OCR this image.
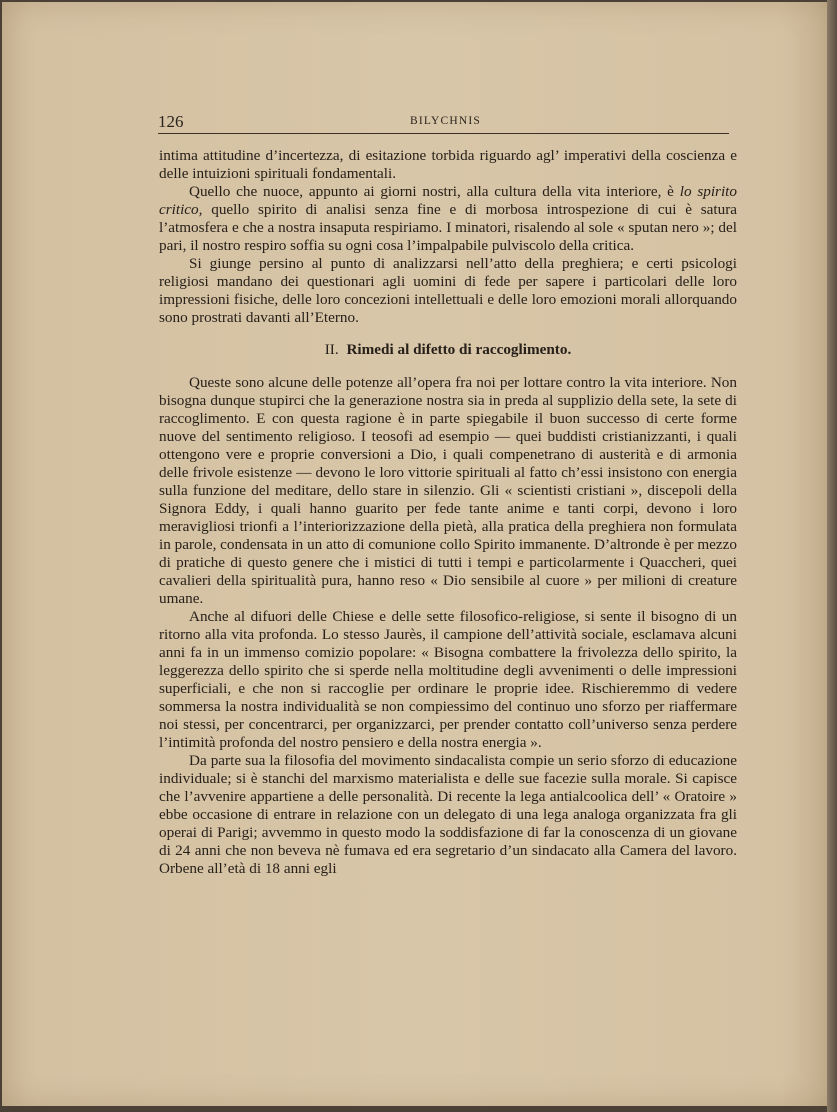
126	BILYCHNIS

intima attitudine d’incertezza, di esitazione torbida riguardo agl’ imperativi della coscienza e delle intuizioni spirituali fondamentali.

Quello che nuoce, appunto ai giorni nostri, alla cultura della vita interiore, è lo spirito critico, quello spirito di analisi senza fine e di morbosa introspezione di cui è satura l’atmosfera e che a nostra insaputa respiriamo. I minatori, risalendo al sole « sputan nero »; del pari, il nostro respiro soffia su ogni cosa l’impalpabile pulviscolo della critica.

Si giunge persino al punto di analizzarsi nell’atto della preghiera; e certi psicologi religiosi mandano dei questionari agli uomini di fede per sapere i particolari delle loro impressioni fisiche, delle loro concezioni intellettuali e delle loro emozioni morali allorquando sono prostrati davanti all’Eterno.

II. Rimedi al difetto di raccoglimento.

Queste sono alcune delle potenze all’opera fra noi per lottare contro la vita interiore. Non bisogna dunque stupirci che la generazione nostra sia in preda al supplizio della sete, la sete di raccoglimento. E con questa ragione è in parte spiegabile il buon successo di certe forme nuove del sentimento religioso. I teosofi ad esempio — quei buddisti cristianizzanti, i quali ottengono vere e proprie conversioni a Dio, i quali compenetrano di austerità e di armonia delle frivole esistenze — devono le loro vittorie spirituali al fatto ch’essi insistono con energia sulla funzione del meditare, dello stare in silenzio. Gli « scientisti cristiani », discepoli della Signora Eddy, i quali hanno guarito per fede tante anime e tanti corpi, devono i loro meravigliosi trionfi a l’interiorizzazione della pietà, alla pratica della preghiera non formulata in parole, condensata in un atto di comunione collo Spirito immanente. D’altronde è per mezzo di pratiche di questo genere che i mistici di tutti i tempi e particolarmente i Quaccheri, quei cavalieri della spiritualità pura, hanno reso « Dio sensibile al cuore » per milioni di creature umane.

Anche al difuori delle Chiese e delle sette filosofico-religiose, si sente il bisogno di un ritorno alla vita profonda. Lo stesso Jaurès, il campione dell’attività sociale, esclamava alcuni anni fa in un immenso comizio popolare: « Bisogna combattere la frivolezza dello spirito, la leggerezza dello spirito che si sperde nella moltitudine degli avvenimenti o delle impressioni superficiali, e che non si raccoglie per ordinare le proprie idee. Rischieremmo di vedere sommersa la nostra individualità se non compiessimo del continuo uno sforzo per riaffermare noi stessi, per concentrarci, per organizzarci, per prender contatto coll’universo senza perdere l’intimità profonda del nostro pensiero e della nostra energia ».

Da parte sua la filosofia del movimento sindacalista compie un serio sforzo di educazione individuale; si è stanchi del marxismo materialista e delle sue facezie sulla morale. Si capisce che l’avvenire appartiene a delle personalità. Di recente la lega antialcoolica dell’ « Oratoire » ebbe occasione di entrare in relazione con un delegato di una lega analoga organizzata fra gli operai di Parigi; avvemmo in questo modo la soddisfazione di far la conoscenza di un giovane di 24 anni che non beveva nè fumava ed era segretario d’un sindacato alla Camera del lavoro. Orbene all’età di 18 anni egli
